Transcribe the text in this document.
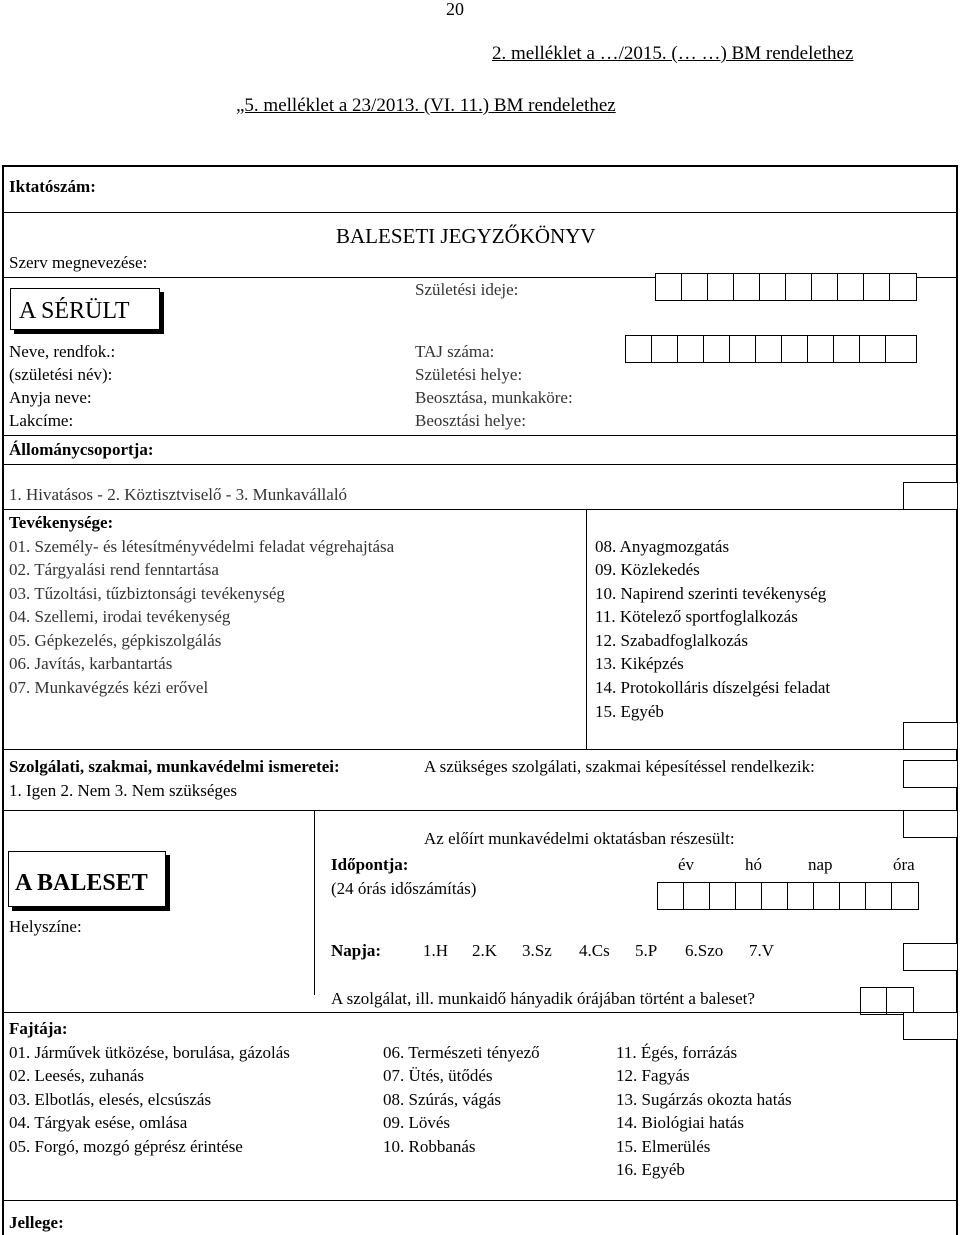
20
2. melléklet a …/2015. (… …) BM rendelethez
„5. melléklet a 23/2013. (VI. 11.) BM rendelethez
Iktatószám:
BALESETI JEGYZŐKÖNYV
Szerv megnevezése:
A SÉRÜLT
Születési ideje:
Neve, rendfok.:
(születési név):
Anyja neve:
Lakcíme:
TAJ száma:
Születési helye:
Beosztása, munkaköre:
Beosztási helye:
Állománycsoportja:
1. Hivatásos - 2. Köztisztviselő - 3. Munkavállaló
Tevékenysége:
01. Személy- és létesítményvédelmi feladat végrehajtása
02. Tárgyalási rend fenntartása
03. Tűzoltási, tűzbiztonsági tevékenység
04. Szellemi, irodai tevékenység
05. Gépkezelés, gépkiszolgálás
06. Javítás, karbantartás
07. Munkavégzés kézi erővel
08. Anyagmozgatás
09. Közlekedés
10. Napirend szerinti tevékenység
11. Kötelező sportfoglalkozás
12. Szabadfoglalkozás
13. Kiképzés
14. Protokolláris díszelgési feladat
15. Egyéb
Szolgálati, szakmai, munkavédelmi ismeretei:	A szükséges szolgálati, szakmai képesítéssel rendelkezik:
1. Igen 2. Nem 3. Nem szükséges
Az előírt munkavédelmi oktatásban részesült:
A BALESET
Időpontja:	év	hó	nap	óra
(24 órás időszámítás)
Helyszíne:
Napja: 1.H 2.K 3.Sz 4.Cs 5.P 6.Szo 7.V
A szolgálat, ill. munkaidő hányadik órájában történt a baleset?
Fajtája:
01. Járművek ütközése, borulása, gázolás
02. Leesés, zuhanás
03. Elbotlás, elesés, elcsúszás
04. Tárgyak esése, omlása
05. Forgó, mozgó géprész érintése
06. Természeti tényező
07. Ütés, ütődés
08. Szúrás, vágás
09. Lövés
10. Robbanás
11. Égés, forrázás
12. Fagyás
13. Sugárzás okozta hatás
14. Biológiai hatás
15. Elmerülés
16. Egyéb
Jellege:
